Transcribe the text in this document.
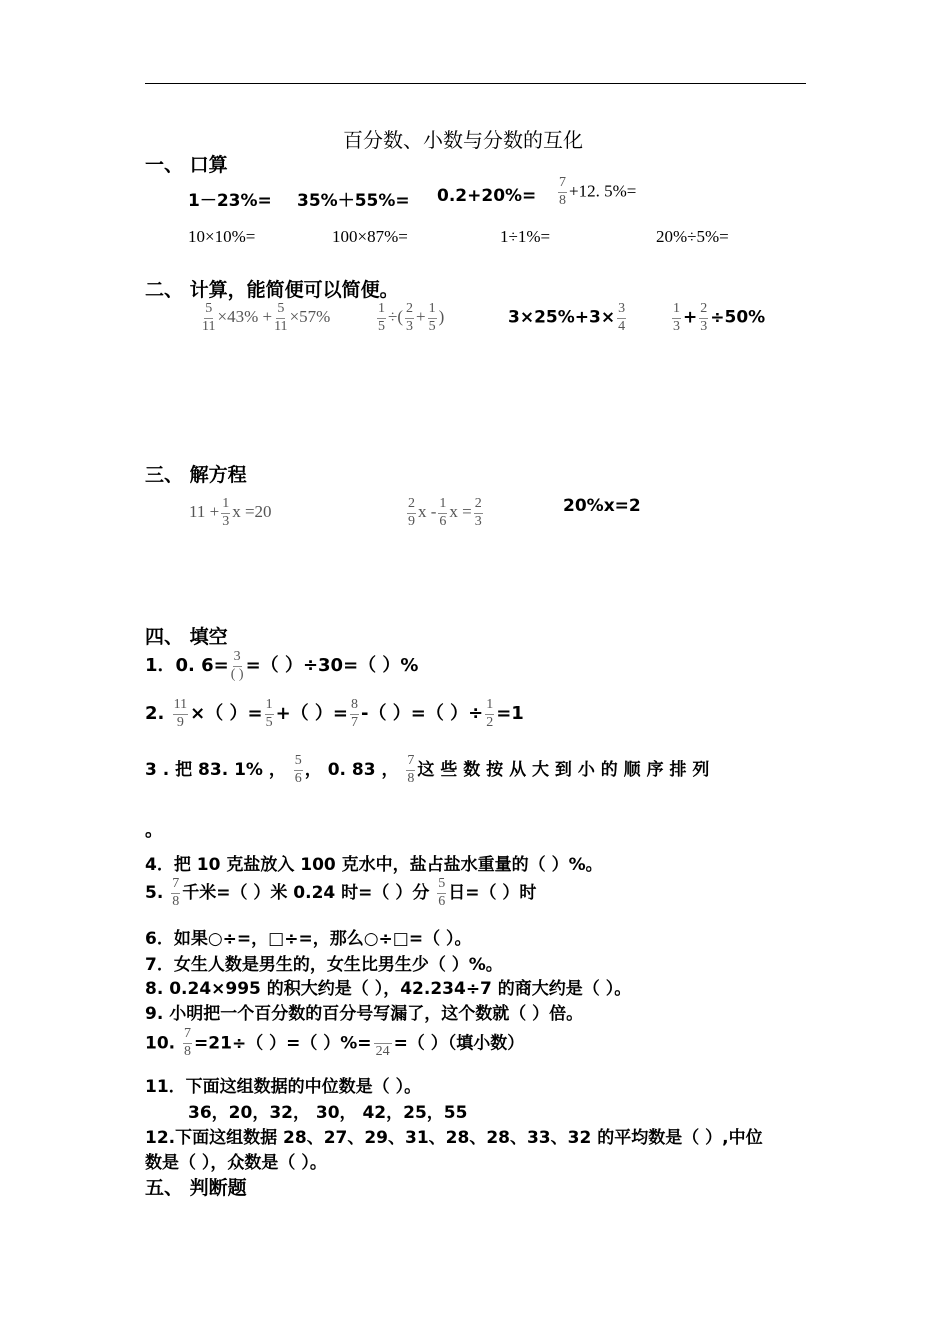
百分数、小数与分数的互化
一、 口算
$1-23\%= 35\%+55\%= 0.2+20\%= \frac{7}{8} +12$. 5%=
10×10%=	100×87%=	1÷1%=	20%÷5%=
二、 计算，能简便可以简便。
$\frac{5}{11} \times 43\% + \frac{5}{11} \times 57\%$	$\frac{1}{5}$ ÷( $\frac{2}{3} + \frac{1}{5}$ )	$3\times 25\%+3\times \frac{3}{4}$	$\frac{1}{3} + \frac{2}{3} \div 50\%$
三、 解方程
$11 + \frac{1}{3}$ x =20	$\frac{2}{9}$ x - $\frac{1}{6}$ $x = \frac{2}{3}$	20%x=2
四、 填空
1．0. $6= \frac{3}{( )}$ =（ ）÷30=（ ）%
2. $\frac{11}{9}$ ×（ ）= $\frac{1}{5}$ +（ ）= $\frac{8}{7}$ -（ ）=（ ）÷ $\frac{1}{2} =1$
3 . 把 83. 1% ， $\frac{5}{6}$ ， 0. 83 ， $\frac{7}{8}$ 这 些 数 按 从 大 到 小 的 顺 序 排 列
。
4．把 10 克盐放入 100 克水中，盐占盐水重量的（ ）%。
5. $\frac{7}{8}$ 千米=（ ）米 0.24 时=（ ）分 $\frac{5}{6}$ 日=（ ）时
6．如果○÷=，□÷=，那么○÷□=（ ）。
7．女生人数是男生的，女生比男生少（ ）%。
8. 0.24×995 的积大约是（ ），42.234÷7 的商大约是（ ）。
9. 小明把一个百分数的百分号写漏了，这个数就（ ）倍。
10. $\frac{7}{8} =21\div$（ ）=（ ）%= 24 =（ ）（填小数）
11．下面这组数据的中位数是（ ）。
36，20，32， 30， 42，25，55
12.下面这组数据 28、27、29、31、28、28、33、32 的平均数是（ ）,中位
数是（ ），众数是（ ）。
五、 判断题
